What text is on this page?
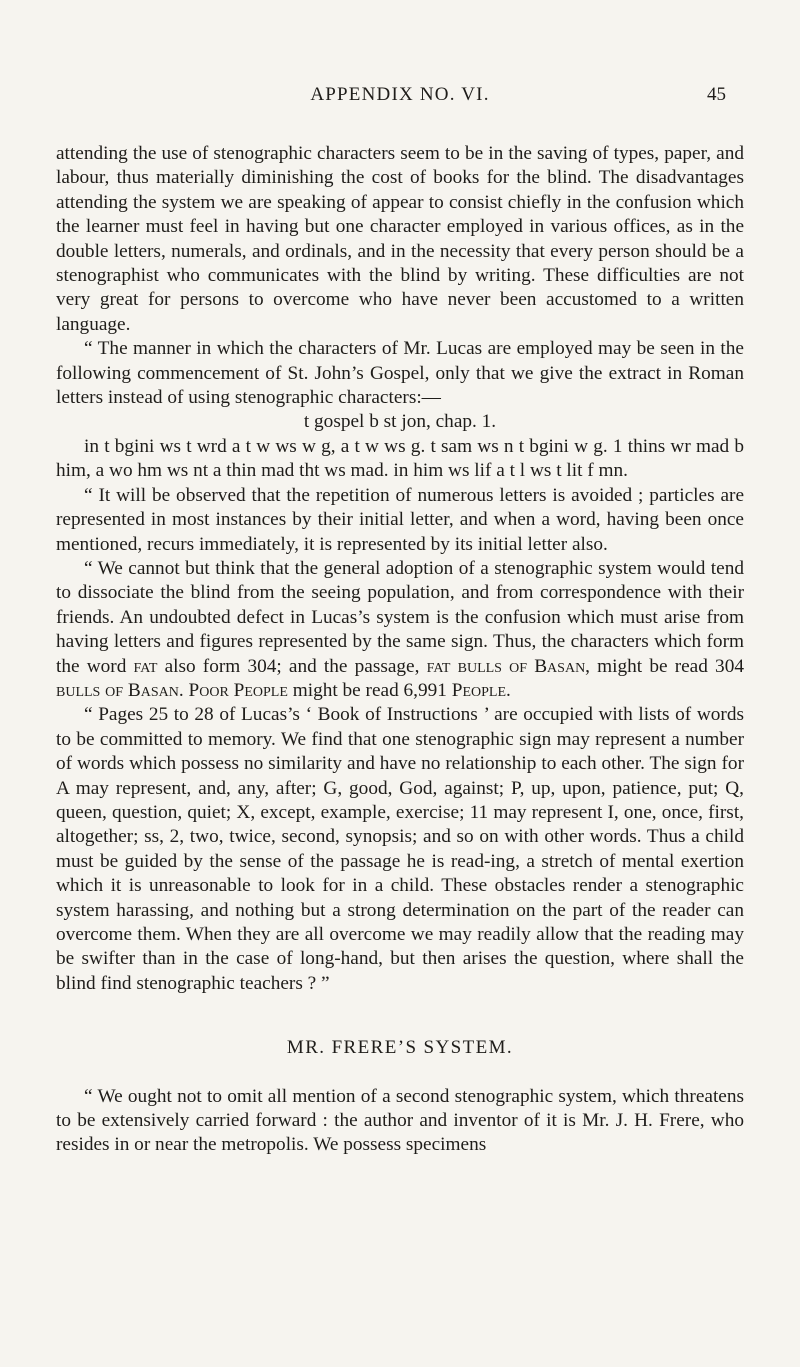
APPENDIX NO. VI.	45

attending the use of stenographic characters seem to be in the saving of types, paper, and labour, thus materially diminishing the cost of books for the blind. The disadvantages attending the system we are speaking of appear to consist chiefly in the confusion which the learner must feel in having but one character employed in various offices, as in the double letters, numerals, and ordinals, and in the necessity that every person should be a stenographist who communicates with the blind by writing. These difficulties are not very great for persons to overcome who have never been accustomed to a written language.

“ The manner in which the characters of Mr. Lucas are employed may be seen in the following commencement of St. John’s Gospel, only that we give the extract in Roman letters instead of using stenographic characters:—

t gospel b st jon, chap. 1.

in t bgini ws t wrd a t w ws w g, a t w ws g. t sam ws n t bgini w g. 1 thins wr mad b him, a wo hm ws nt a thin mad tht ws mad. in him ws lif a t l ws t lit f mn.

“ It will be observed that the repetition of numerous letters is avoided ; particles are represented in most instances by their initial letter, and when a word, having been once mentioned, recurs immediately, it is represented by its initial letter also.

“ We cannot but think that the general adoption of a stenographic system would tend to dissociate the blind from the seeing population, and from correspondence with their friends. An undoubted defect in Lucas’s system is the confusion which must arise from having letters and figures represented by the same sign. Thus, the characters which form the word fat also form 304; and the passage, fat bulls of Basan, might be read 304 bulls of Basan. Poor People might be read 6,991 People.

“ Pages 25 to 28 of Lucas’s ‘ Book of Instructions ’ are occupied with lists of words to be committed to memory. We find that one stenographic sign may represent a number of words which possess no similarity and have no relationship to each other. The sign for A may represent, and, any, after; G, good, God, against; P, up, upon, patience, put; Q, queen, question, quiet; X, except, example, exercise; 11 may represent I, one, once, first, altogether; ss, 2, two, twice, second, synopsis; and so on with other words. Thus a child must be guided by the sense of the passage he is read-ing, a stretch of mental exertion which it is unreasonable to look for in a child. These obstacles render a stenographic system harassing, and nothing but a strong determination on the part of the reader can overcome them. When they are all overcome we may readily allow that the reading may be swifter than in the case of long-hand, but then arises the question, where shall the blind find stenographic teachers ? ”

MR. FRERE’S SYSTEM.

“ We ought not to omit all mention of a second stenographic system, which threatens to be extensively carried forward : the author and inventor of it is Mr. J. H. Frere, who resides in or near the metropolis. We possess specimens
